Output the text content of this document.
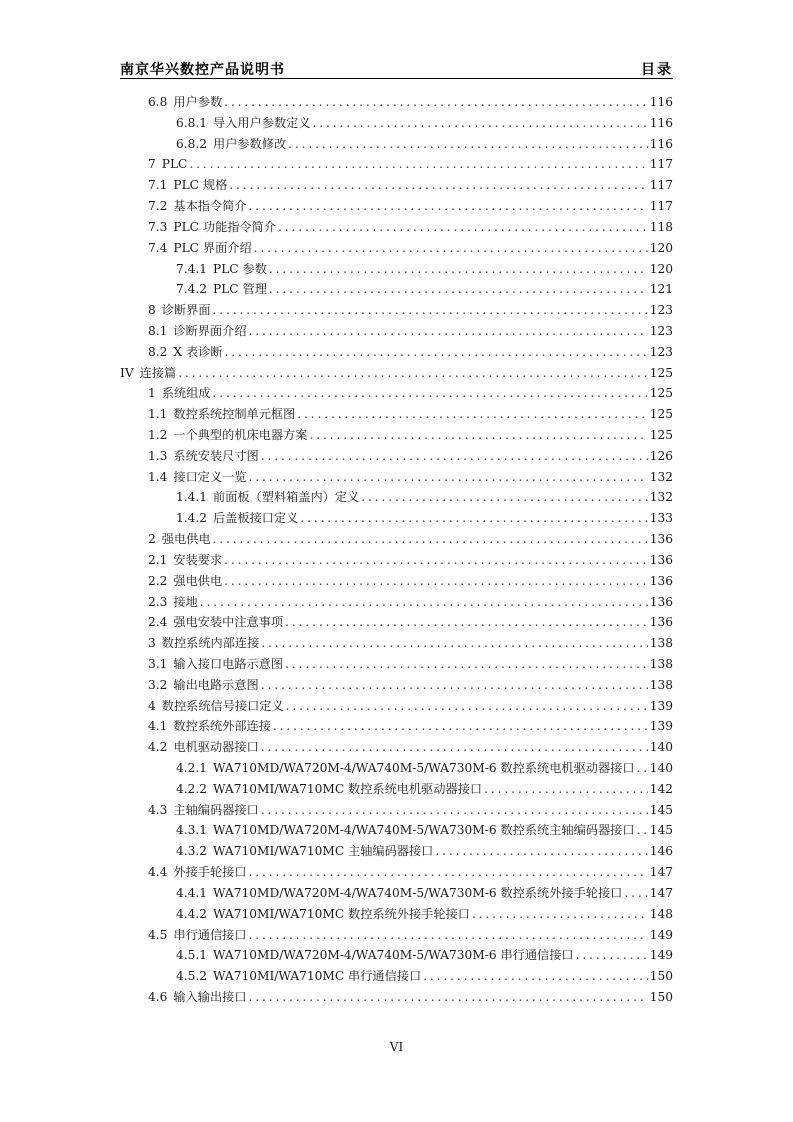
南京华兴数控产品说明书	目录
6.8 用户参数 . . .	116
6.8.1 导入用户参数定义 . . .	116
6.8.2 用户参数修改 . . .	116
7 PLC . . .	117
7.1 PLC 规格 . . .	117
7.2 基本指令简介 . . .	117
7.3 PLC 功能指令简介 . . .	118
7.4 PLC 界面介绍 . . .	120
7.4.1 PLC 参数 . . .	120
7.4.2 PLC 管理 . . .	121
8 诊断界面 . . .	123
8.1 诊断界面介绍 . . .	123
8.2 X 表诊断 . . .	123
IV 连接篇 . . .	125
1 系统组成 . . .	125
1.1 数控系统控制单元框图 . . .	125
1.2 一个典型的机床电器方案 . . .	125
1.3 系统安装尺寸图 . . .	126
1.4 接口定义一览 . . .	132
1.4.1 前面板（塑料箱盖内）定义 . . .	132
1.4.2 后盖板接口定义 . . .	133
2 强电供电 . . .	136
2.1 安装要求 . . .	136
2.2 强电供电 . . .	136
2.3 接地 . . .	136
2.4 强电安装中注意事项 . . .	136
3 数控系统内部连接 . . .	138
3.1 输入接口电路示意图 . . .	138
3.2 输出电路示意图 . . .	138
4 数控系统信号接口定义 . . .	139
4.1 数控系统外部连接 . . .	139
4.2 电机驱动器接口 . . .	140
4.2.1 WA710MD/WA720M-4/WA740M-5/WA730M-6 数控系统电机驱动器接口 . . . 140
4.2.2 WA710MI/WA710MC 数控系统电机驱动器接口 . . .	142
4.3 主轴编码器接口 . . .	145
4.3.1 WA710MD/WA720M-4/WA740M-5/WA730M-6 数控系统主轴编码器接口 . . . 145
4.3.2 WA710MI/WA710MC 主轴编码器接口 . . .	146
4.4 外接手轮接口 . . .	147
4.4.1 WA710MD/WA720M-4/WA740M-5/WA730M-6 数控系统外接手轮接口 . . . 147
4.4.2 WA710MI/WA710MC 数控系统外接手轮接口 . . .	148
4.5 串行通信接口 . . .	149
4.5.1 WA710MD/WA720M-4/WA740M-5/WA730M-6 串行通信接口 . . .	149
4.5.2 WA710MI/WA710MC 串行通信接口 . . .	150
4.6 输入输出接口 . . .	150
VI
